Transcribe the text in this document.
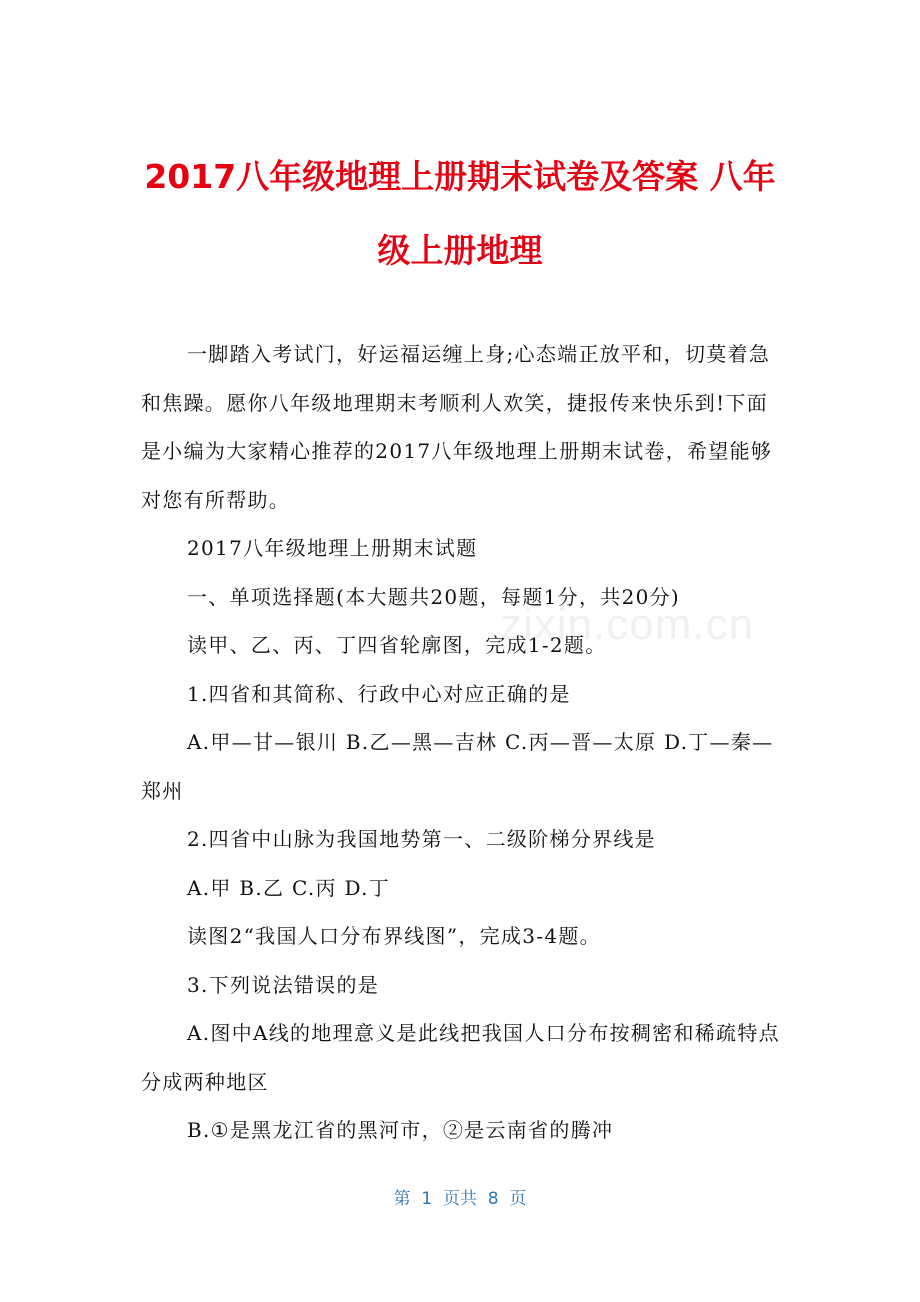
2017八年级地理上册期末试卷及答案 八年级上册地理

一脚踏入考试门，好运福运缠上身;心态端正放平和，切莫着急和焦躁。愿你八年级地理期末考顺利人欢笑，捷报传来快乐到!下面是小编为大家精心推荐的2017八年级地理上册期末试卷，希望能够对您有所帮助。

2017八年级地理上册期末试题

一、单项选择题(本大题共20题，每题1分，共20分)

读甲、乙、丙、丁四省轮廓图，完成1-2题。

1.四省和其简称、行政中心对应正确的是

A.甲—甘—银川 B.乙—黑—吉林 C.丙—晋—太原 D.丁—秦—郑州

2.四省中山脉为我国地势第一、二级阶梯分界线是

A.甲 B.乙 C.丙 D.丁

读图2“我国人口分布界线图”，完成3-4题。

3.下列说法错误的是

A.图中A线的地理意义是此线把我国人口分布按稠密和稀疏特点分成两种地区

B.①是黑龙江省的黑河市，②是云南省的腾冲

zixin.com.cn
第  1  页共  8  页
